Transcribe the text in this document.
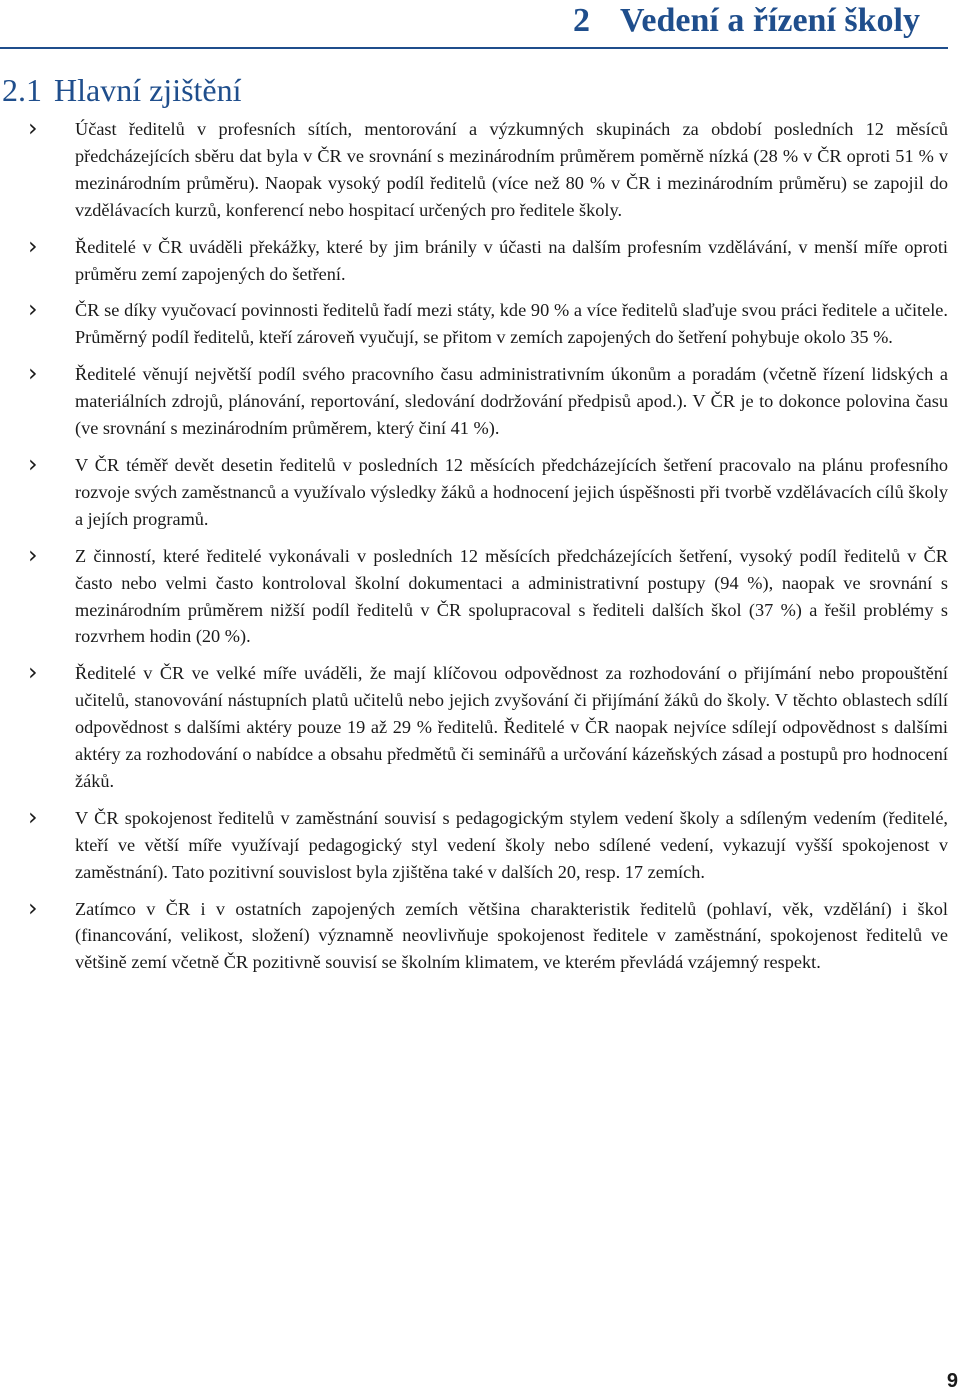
2 Vedení a řízení školy
2.1 Hlavní zjištění
› Účast ředitelů v profesních sítích, mentorování a výzkumných skupinách za období posledních 12 měsíců předcházejících sběru dat byla v ČR ve srovnání s mezinárodním průměrem poměrně nízká (28 % v ČR oproti 51 % v mezinárodním průměru). Naopak vysoký podíl ředitelů (více než 80 % v ČR i mezinárodním průměru) se zapojil do vzdělávacích kurzů, konferencí nebo hospitací určených pro ředitele školy.

› Ředitelé v ČR uváděli překážky, které by jim bránily v účasti na dalším profesním vzdělávání, v menší míře oproti průměru zemí zapojených do šetření.

› ČR se díky vyučovací povinnosti ředitelů řadí mezi státy, kde 90 % a více ředitelů slaďuje svou práci ředitele a učitele. Průměrný podíl ředitelů, kteří zároveň vyučují, se přitom v zemích zapojených do šetření pohybuje okolo 35 %.

› Ředitelé věnují největší podíl svého pracovního času administrativním úkonům a poradám (včetně řízení lidských a materiálních zdrojů, plánování, reportování, sledování dodržování předpisů apod.). V ČR je to dokonce polovina času (ve srovnání s mezinárodním průměrem, který činí 41 %).

› V ČR téměř devět desetin ředitelů v posledních 12 měsících předcházejících šetření pracovalo na plánu profesního rozvoje svých zaměstnanců a využívalo výsledky žáků a hodnocení jejich úspěšnosti při tvorbě vzdělávacích cílů školy a jejích programů.

› Z činností, které ředitelé vykonávali v posledních 12 měsících předcházejících šetření, vysoký podíl ředitelů v ČR často nebo velmi často kontroloval školní dokumentaci a administrativní postupy (94 %), naopak ve srovnání s mezinárodním průměrem nižší podíl ředitelů v ČR spolupracoval s řediteli dalších škol (37 %) a řešil problémy s rozvrhem hodin (20 %).

› Ředitelé v ČR ve velké míře uváděli, že mají klíčovou odpovědnost za rozhodování o přijímání nebo propouštění učitelů, stanovování nástupních platů učitelů nebo jejich zvyšování či přijímání žáků do školy. V těchto oblastech sdílí odpovědnost s dalšími aktéry pouze 19 až 29 % ředitelů. Ředitelé v ČR naopak nejvíce sdílejí odpovědnost s dalšími aktéry za rozhodování o nabídce a obsahu předmětů či seminářů a určování kázeňských zásad a postupů pro hodnocení žáků.

› V ČR spokojenost ředitelů v zaměstnání souvisí s pedagogickým stylem vedení školy a sdíleným vedením (ředitelé, kteří ve větší míře využívají pedagogický styl vedení školy nebo sdílené vedení, vykazují vyšší spokojenost v zaměstnání). Tato pozitivní souvislost byla zjištěna také v dalších 20, resp. 17 zemích.

› Zatímco v ČR i v ostatních zapojených zemích většina charakteristik ředitelů (pohlaví, věk, vzdělání) i škol (financování, velikost, složení) významně neovlivňuje spokojenost ředitele v zaměstnání, spokojenost ředitelů ve většině zemí včetně ČR pozitivně souvisí se školním klimatem, ve kterém převládá vzájemný respekt.

9
